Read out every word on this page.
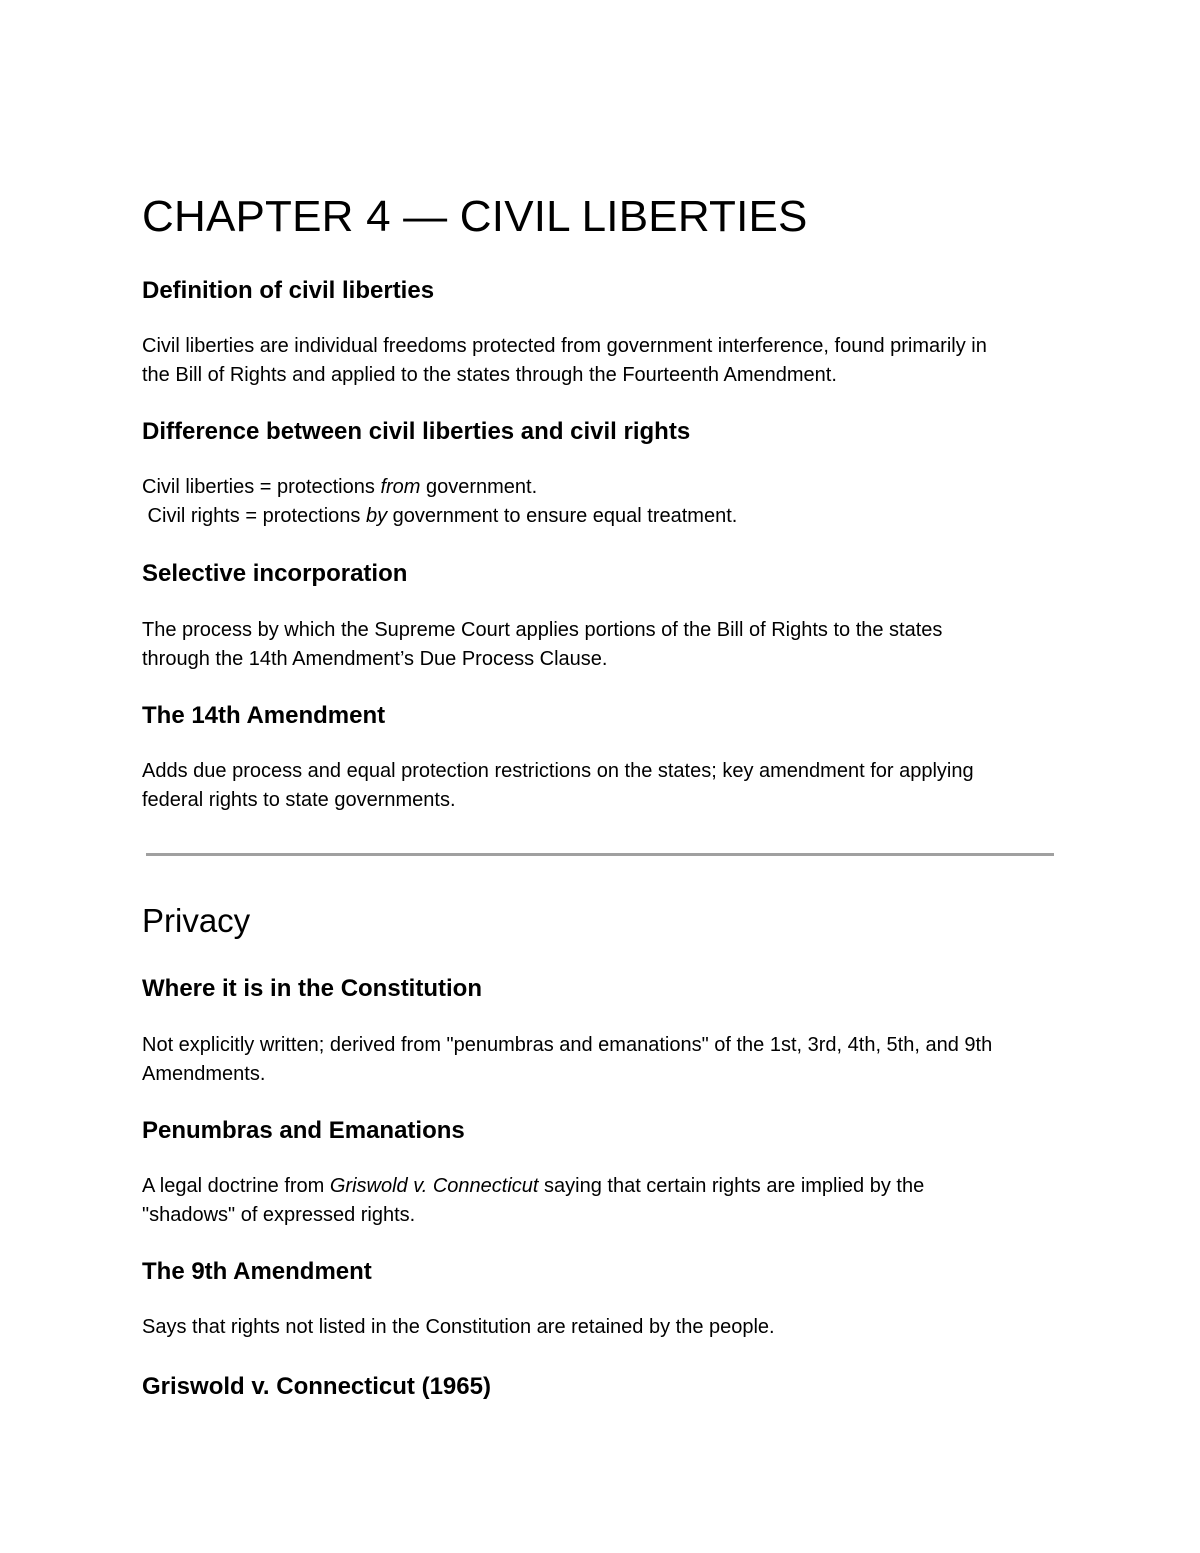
CHAPTER 4 — CIVIL LIBERTIES
Definition of civil liberties

Civil liberties are individual freedoms protected from government interference, found primarily in

the Bill of Rights and applied to the states through the Fourteenth Amendment.

Difference between civil liberties and civil rights

Civil liberties = protections from government.

Civil rights = protections by government to ensure equal treatment.

Selective incorporation

The process by which the Supreme Court applies portions of the Bill of Rights to the states

through the 14th Amendment’s Due Process Clause.

The 14th Amendment

Adds due process and equal protection restrictions on the states; key amendment for applying

federal rights to state governments.

Privacy
Where it is in the Constitution

Not explicitly written; derived from "penumbras and emanations" of the 1st, 3rd, 4th, 5th, and 9th

Amendments.

Penumbras and Emanations

A legal doctrine from Griswold v. Connecticut saying that certain rights are implied by the

"shadows" of expressed rights.

The 9th Amendment

Says that rights not listed in the Constitution are retained by the people.

Griswold v. Connecticut (1965)
